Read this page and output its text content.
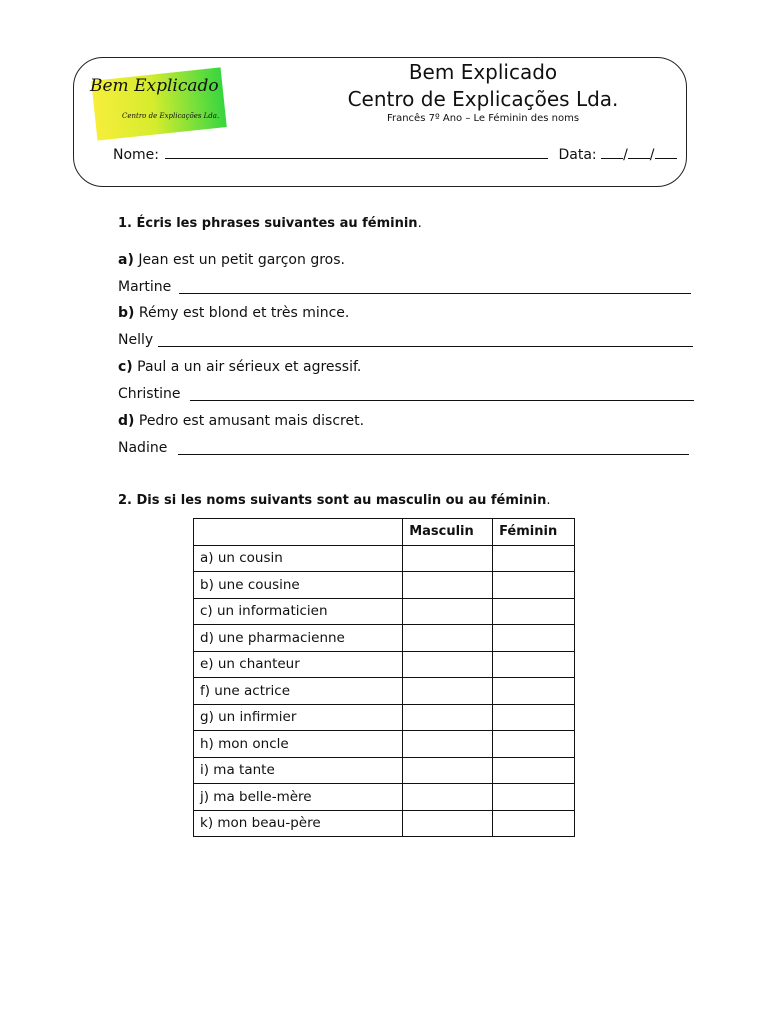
Bem Explicado
Centro de Explicações Lda.
Bem Explicado
Centro de Explicações Lda.
Francês 7º Ano – Le Féminin des noms
Nome:	Data: / /
1. Écris les phrases suivantes au féminin.
a) Jean est un petit garçon gros.
Martine
b) Rémy est blond et très mince.
Nelly
c) Paul a un air sérieux et agressif.
Christine
d) Pedro est amusant mais discret.
Nadine
2. Dis si les noms suivants sont au masculin ou au féminin.
	Masculin	Féminin
a) un cousin		
b) une cousine		
c) un informaticien		
d) une pharmacienne		
e) un chanteur		
f) une actrice		
g) un infirmier		
h) mon oncle		
i) ma tante		
j) ma belle-mère		
k) mon beau-père		
